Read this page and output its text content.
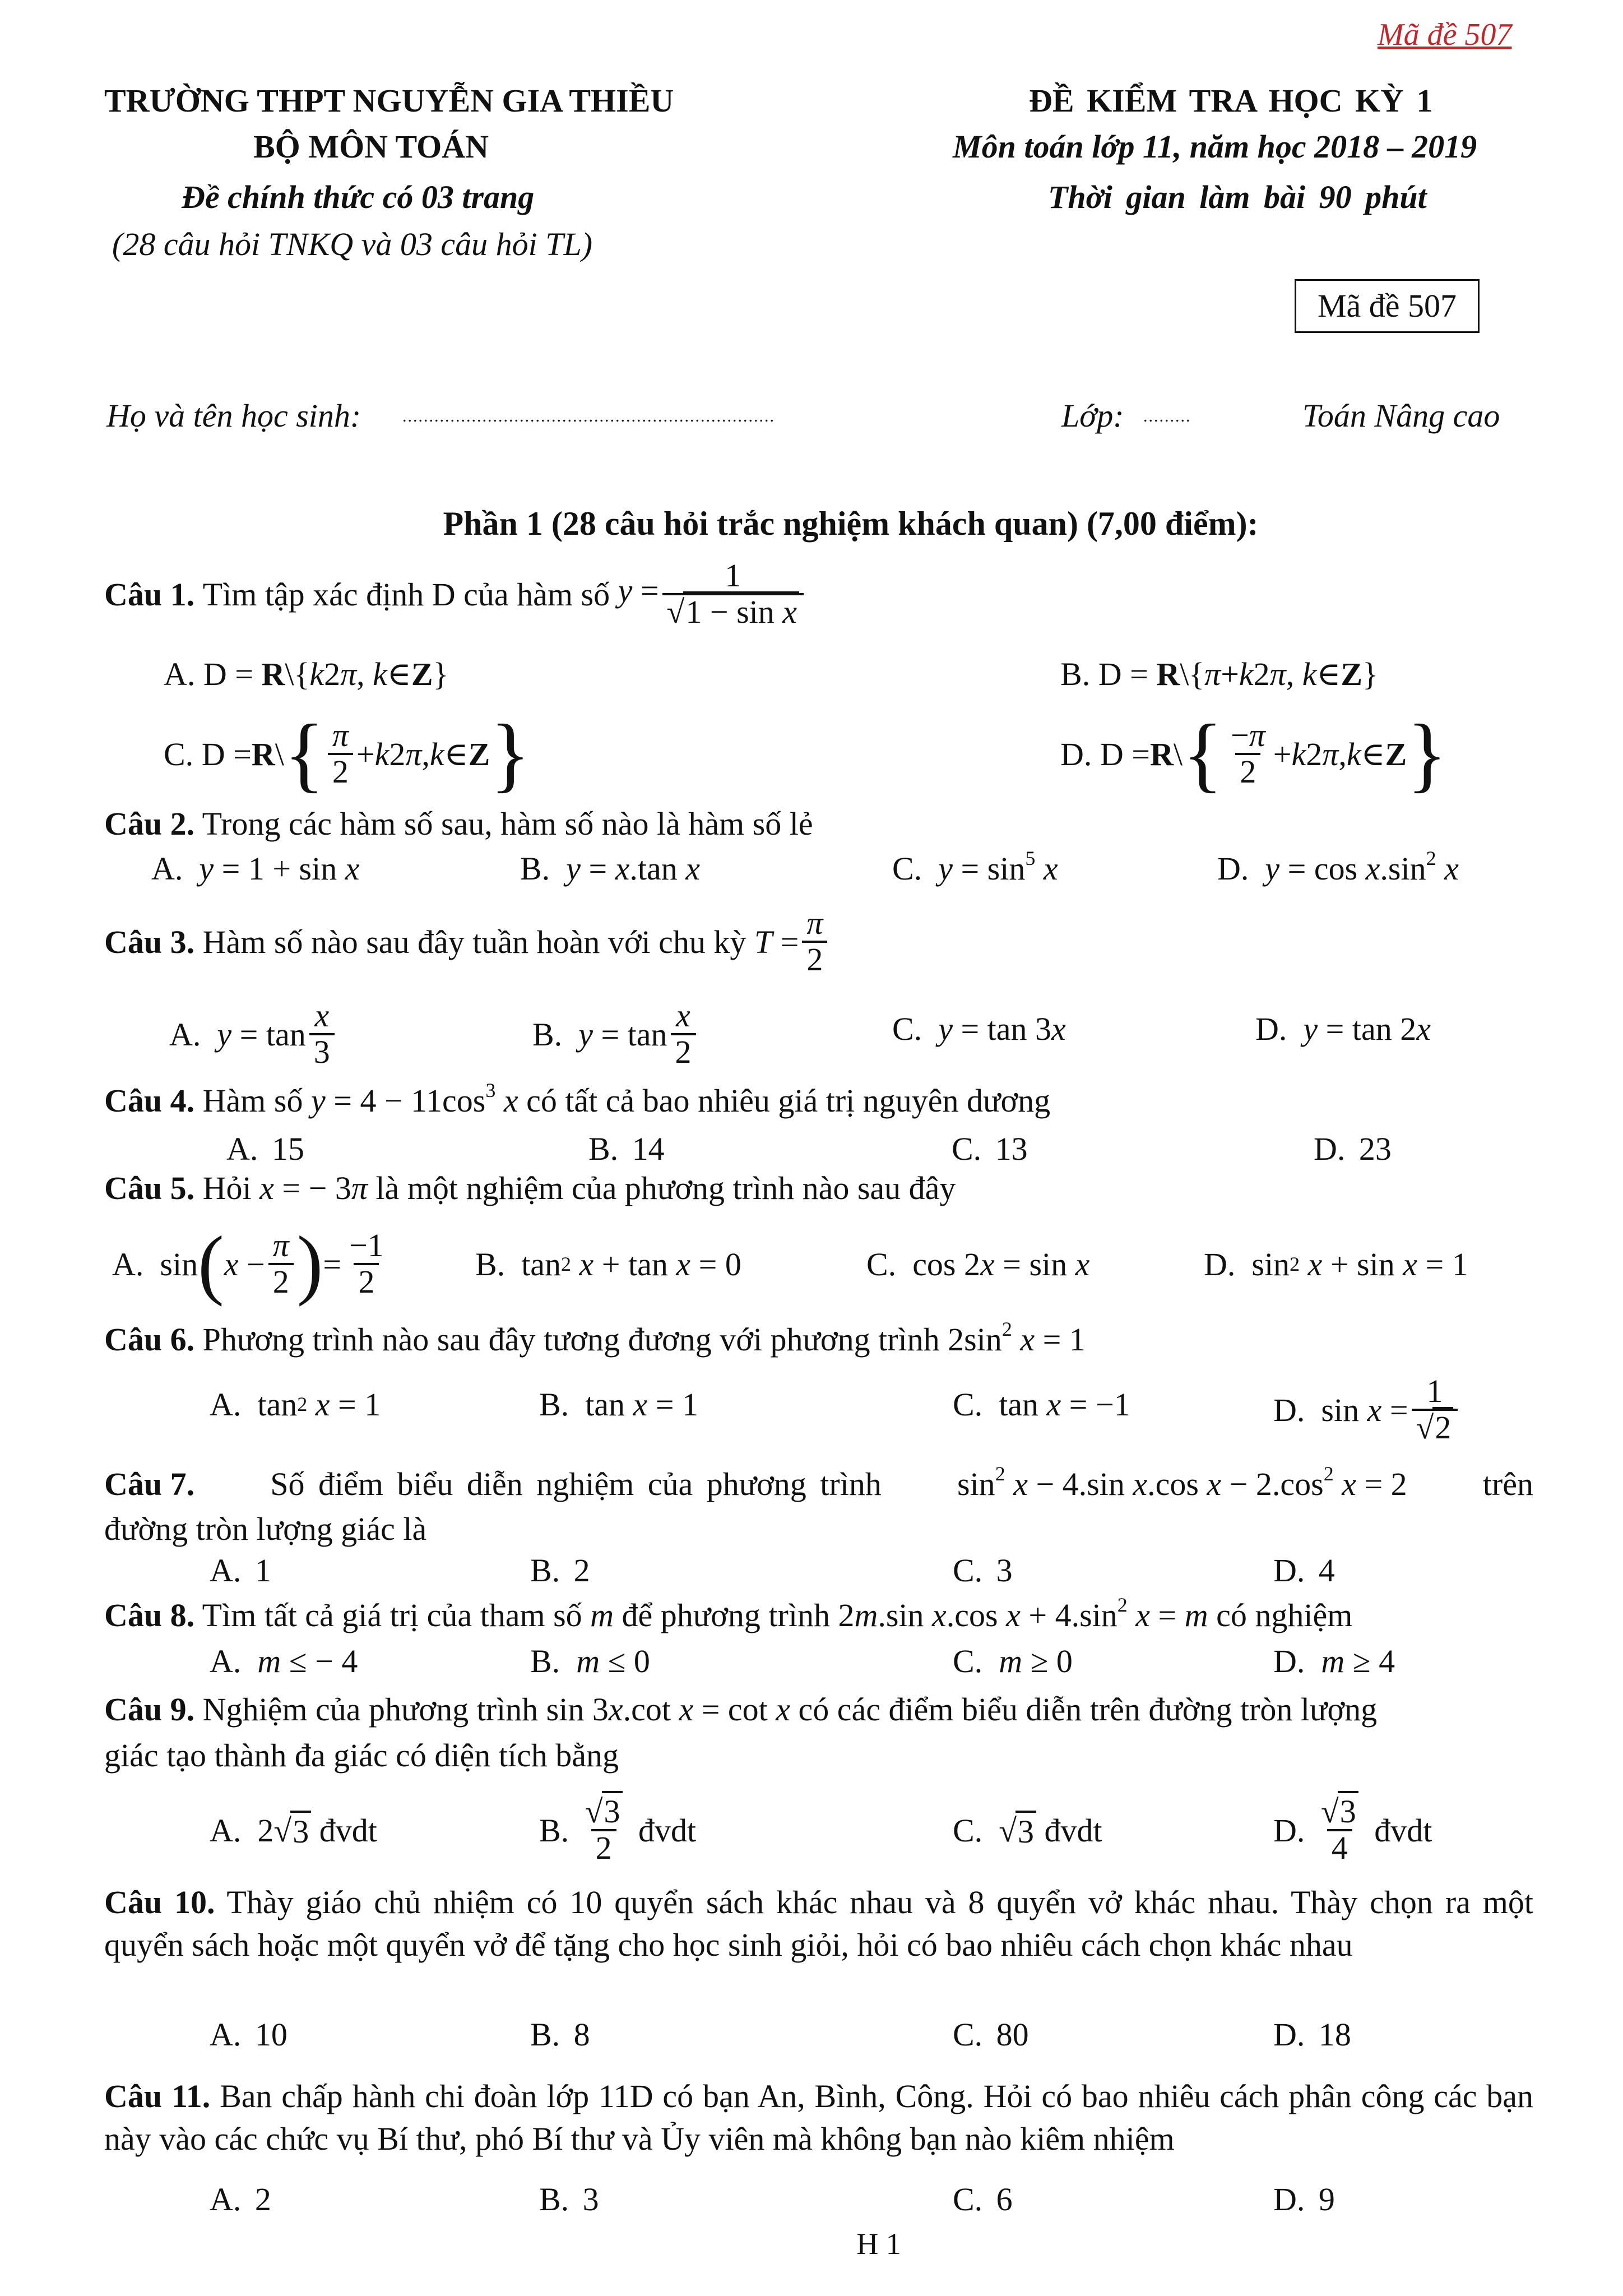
Mã đề 507
TRƯỜNG THPT NGUYỄN GIA THIỀU
BỘ MÔN TOÁN
Đề chính thức có 03 trang
(28 câu hỏi TNKQ và 03 câu hỏi TL)
ĐỀ KIỂM TRA HỌC KỲ 1
Môn toán lớp 11, năm học 2018 – 2019
Thời gian làm bài 90 phút
Mã đề 507
Họ và tên học sinh: ......................................................................	Lớp: .........	Toán Nâng cao
Phần 1 (28 câu hỏi trắc nghiệm khách quan) (7,00 điểm):
Câu 1.
Tìm tập xác định D của hàm số
$y = \frac{1}{\text{√1 − sin x}}$
A. D = R\{k2π, k∈Z}	B. D = R\{π+k2π, k∈Z}
C. D = R \ { $\frac{\pi}{2} + k$ 2 π , k ∈ Z }	D. D = R \ { $\frac{-\pi}{2} + k$ 2 π , k ∈ Z }
Câu 2. Trong các hàm số sau, hàm số nào là hàm số lẻ
A. y = 1 + sin x	B. y = x.tan x	C. $y = \sin^5 x$	D. $y = \cos x.\sin^2$ x
Câu 3.
Hàm số nào sau đây tuần hoàn với chu kỳ
$T = \frac{\pi}{2}$
A.
$y = \tan \frac{x}{3}$	B.
$y = \tan \frac{x}{2}$	C.
y = tan 3 x	D.
y = tan 2 x
Câu 4. Hàm số $y = 4 - 11\cos^3$ x có tất cả bao nhiêu giá trị nguyên dương
A. 15	B. 14	C. 13	D. 23
Câu 5. Hỏi x = − 3π là một nghiệm của phương trình nào sau đây
A. sin ( $x - \frac{\pi}{2}$ ) = $\frac{-1}{2}$	B. tan 2
x + tan x = 0	C. cos 2 x = sin x	D. sin 2
x + sin x = 1
Câu 6. Phương trình nào sau đây tương đương với phương trình $2\sin^2$ x = 1
A. tan 2
x = 1	B. tan x = 1	C. tan x = −1	D. $\sin x = \frac{1}{√2}$
Câu 7. Số điểm biểu diễn nghiệm của phương trình $\sin^2 x - 4.\sin$ x.cos $x - 2.\cos^2$ x = 2 trên
đường tròn lượng giác là
A. 1	B. 2	C. 3	D. 4
Câu 8. Tìm tất cả giá trị của tham số m để phương trình 2m.sin x.cos $x + 4.\sin^2$ x = m có nghiệm
A. m ≤ − 4	B. m ≤ 0	C. m ≥ 0	D. m ≥ 4
Câu 9. Nghiệm của phương trình sin 3x.cot x = cot x có các điểm biểu diễn trên đường tròn lượng
giác tạo thành đa giác có diện tích bằng
A. 2√ 3
đvdt	B.
$\frac{√3}{2}$
đvdt	C. √ 3
đvdt	D.
$\frac{√3}{4}$
đvdt
Câu 10. Thày giáo chủ nhiệm có 10 quyển sách khác nhau và 8 quyển vở khác nhau. Thày chọn ra một quyển sách hoặc một quyển vở để tặng cho học sinh giỏi, hỏi có bao nhiêu cách chọn khác nhau
A. 10	B. 8	C. 80	D. 18
Câu 11. Ban chấp hành chi đoàn lớp 11D có bạn An, Bình, Công. Hỏi có bao nhiêu cách phân công các bạn này vào các chức vụ Bí thư, phó Bí thư và Ủy viên mà không bạn nào kiêm nhiệm
A. 2	B. 3	C. 6	D. 9
H 1
